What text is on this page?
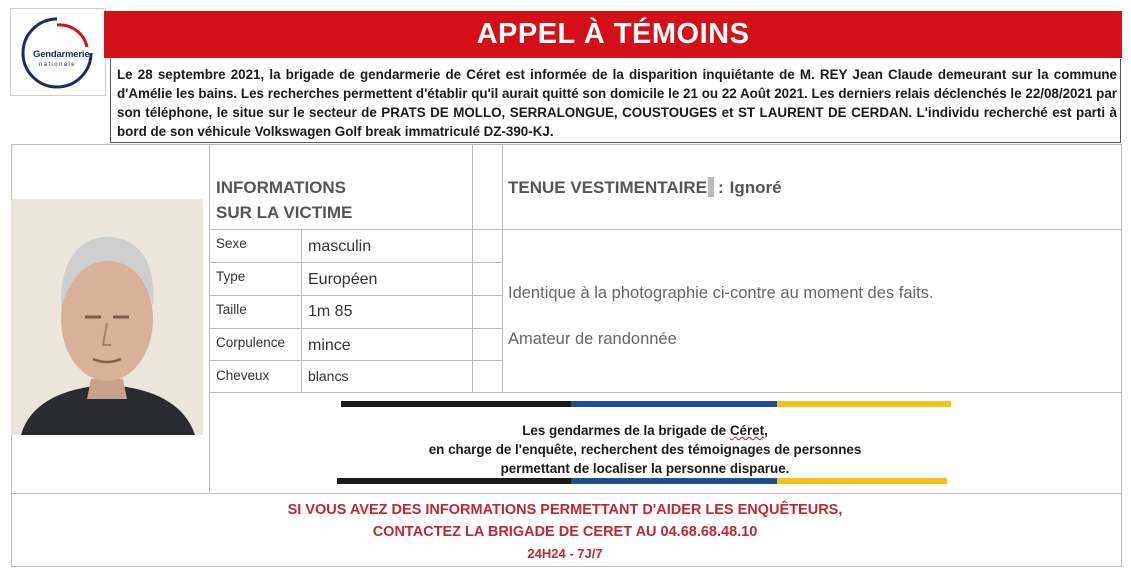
Gendarmerie
nationale
APPEL À TÉMOINS
Le 28 septembre 2021, la brigade de gendarmerie de Céret est informée de la disparition inquiétante de M. REY Jean Claude demeurant sur la commune d'Amélie les bains. Les recherches permettent d'établir qu'il aurait quitté son domicile le 21 ou 22 Août 2021. Les derniers relais déclenchés le 22/08/2021 par son téléphone, le situe sur le secteur de PRATS DE MOLLO, SERRALONGUE, COUSTOUGES et ST LAURENT DE CERDAN. L'individu recherché est parti à bord de son véhicule Volkswagen Golf break immatriculé DZ-390-KJ.
INFORMATIONS
SUR LA VICTIME
Sexe	masculin
Type	Européen
Taille	1m 85
Corpulence mince
Cheveux	blancs
TENUE VESTIMENTAIRE : Ignoré
Identique à la photographie ci-contre au moment des faits.
Amateur de randonnée
Les gendarmes de la brigade de Céret,
en charge de l'enquête, recherchent des témoignages de personnes
permettant de localiser la personne disparue.
SI VOUS AVEZ DES INFORMATIONS PERMETTANT D'AIDER LES ENQUÊTEURS,
CONTACTEZ LA BRIGADE DE CERET AU 04.68.68.48.10
24H24 - 7J/7
